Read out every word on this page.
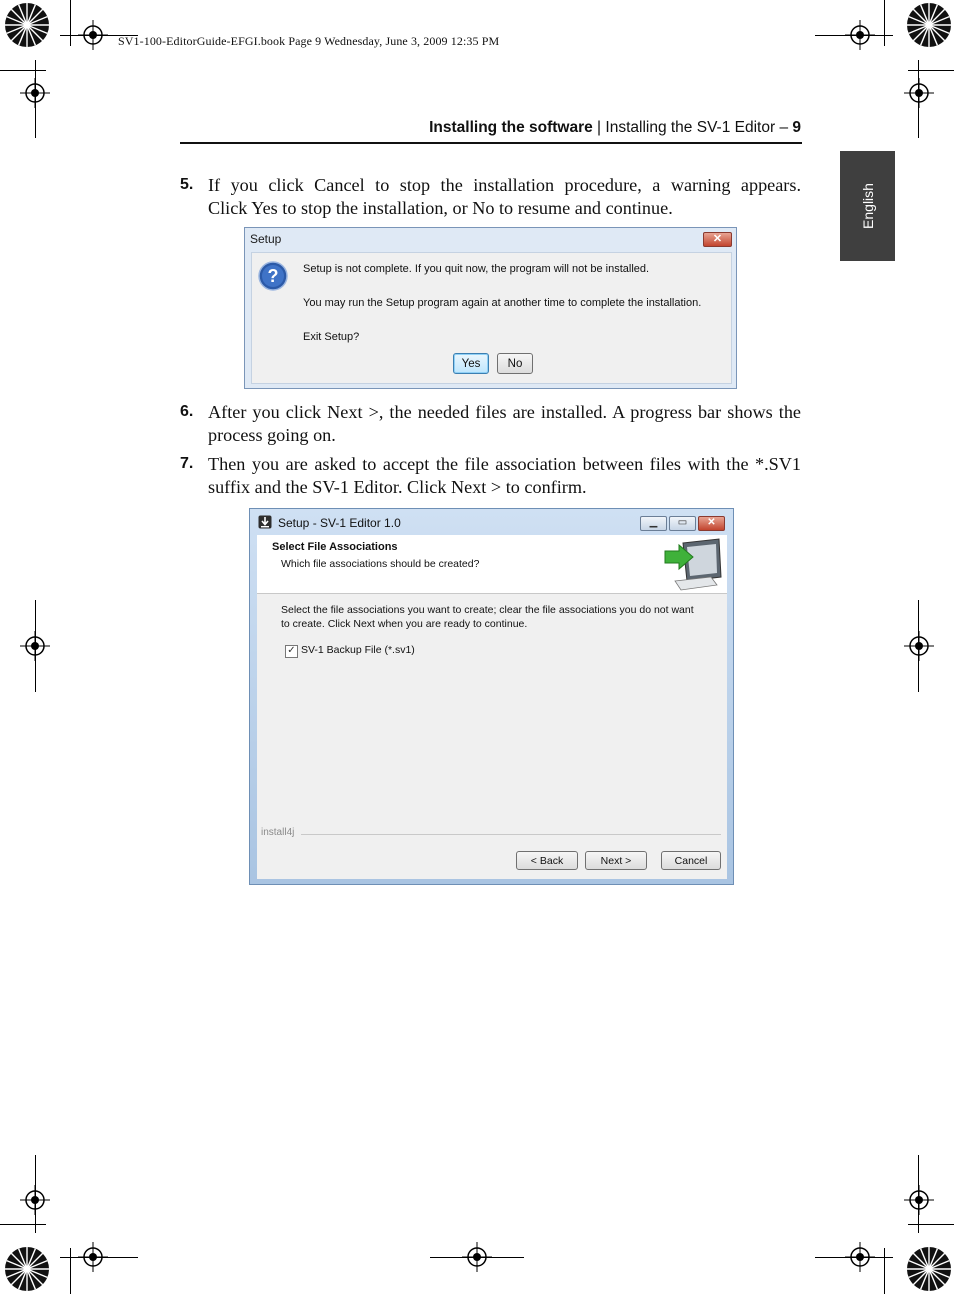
SV1-100-EditorGuide-EFGI.book Page 9 Wednesday, June 3, 2009 12:35 PM
Installing the software | Installing the SV-1 Editor – 9
English
5. If you click Cancel to stop the installation procedure, a warning appears.
Click Yes to stop the installation, or No to resume and continue.
Setup	✕
? Setup is not complete. If you quit now, the program will not be installed.
You may run the Setup program again at another time to complete the installation.
Exit Setup?
Yes	No
6. After you click Next >, the needed files are installed. A progress bar shows the
process going on.
7. Then you are asked to accept the file association between files with the *.SV1
suffix and the SV-1 Editor. Click Next > to confirm.
Setup - SV-1 Editor 1.0	▁	▭	✕
Select File Associations
Which file associations should be created?
Select the file associations you want to create; clear the file associations you do not want
to create. Click Next when you are ready to continue.
✓ SV-1 Backup File (*.sv1)
install4j
< Back	Next >	Cancel
